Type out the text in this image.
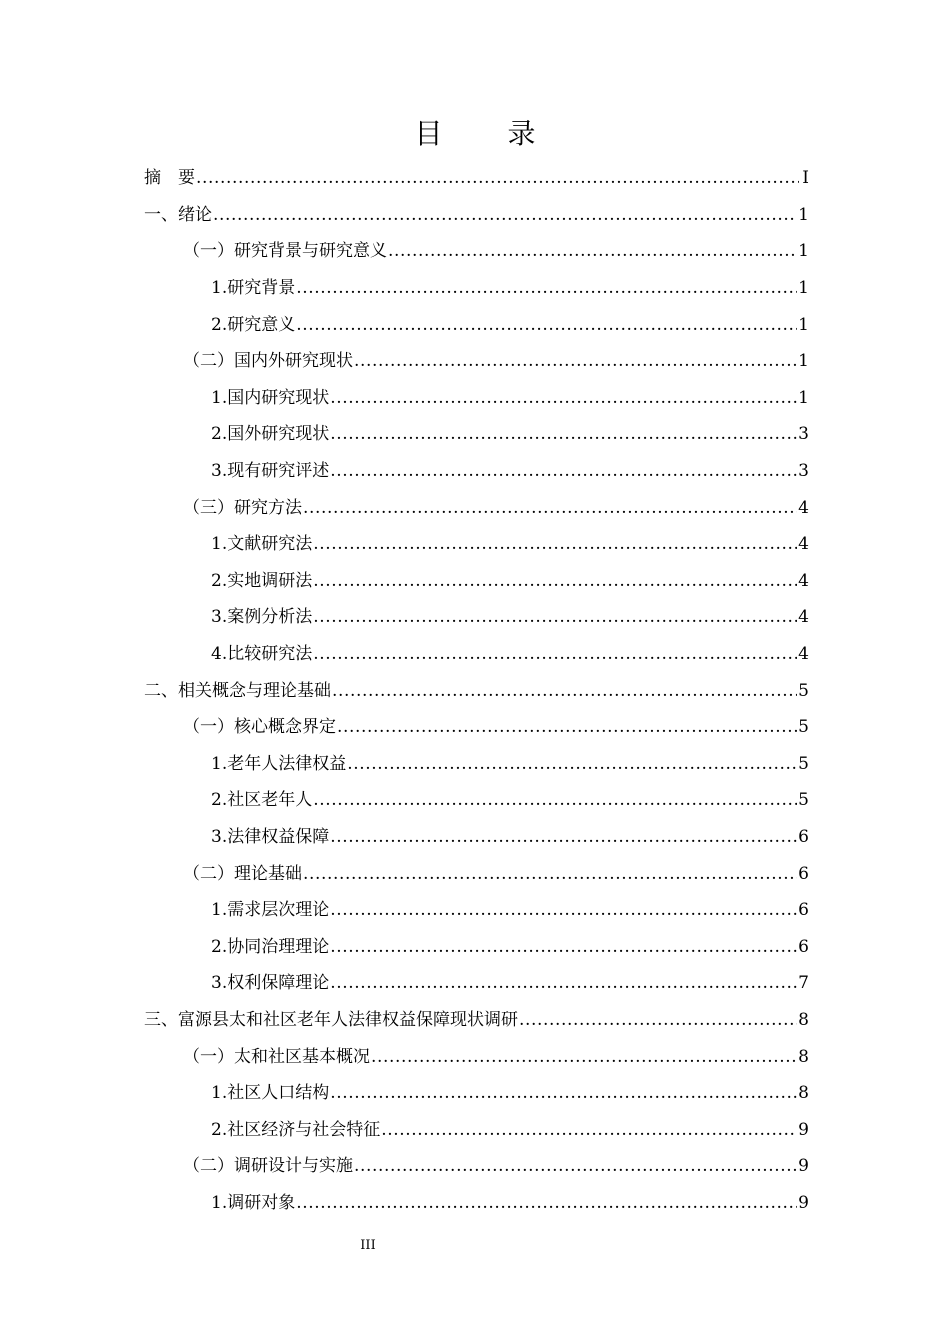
目 录
摘　要 .....	I
一、绪论 .....	1
（一）研究背景与研究意义 .....	1
1.研究背景 .....	1
2.研究意义 .....	1
（二）国内外研究现状 .....	1
1.国内研究现状 .....	1
2.国外研究现状 .....	3
3.现有研究评述 .....	3
（三）研究方法 .....	4
1.文献研究法 .....	4
2.实地调研法 .....	4
3.案例分析法 .....	4
4.比较研究法 .....	4
二、相关概念与理论基础 .....	5
（一）核心概念界定 .....	5
1.老年人法律权益 .....	5
2.社区老年人 .....	5
3.法律权益保障 .....	6
（二）理论基础 .....	6
1.需求层次理论 .....	6
2.协同治理理论 .....	6
3.权利保障理论 .....	7
三、富源县太和社区老年人法律权益保障现状调研 .....	8
（一）太和社区基本概况 .....	8
1.社区人口结构 .....	8
2.社区经济与社会特征 .....	9
（二）调研设计与实施 .....	9
1.调研对象 .....	9
III
